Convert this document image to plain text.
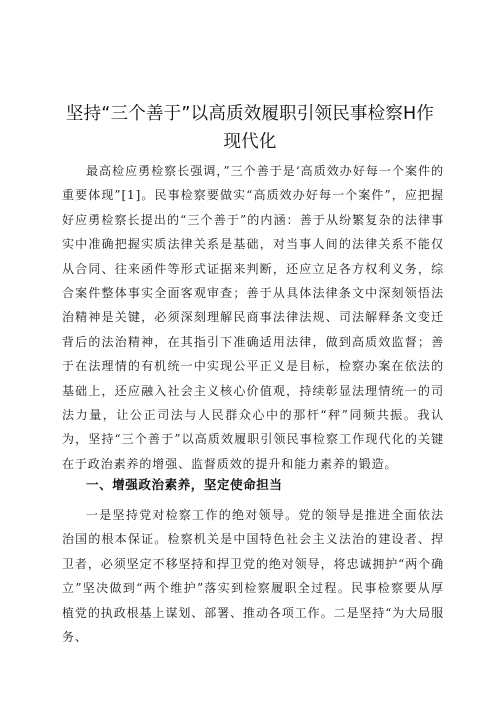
坚持“三个善于”以高质效履职引领民事检察H作现代化

最高检应勇检察长强调，”三个善于是‘高质效办好每一个案件的重要体现”[1]。民事检察要做实“高质效办好每一个案件”，应把握好应勇检察长提出的“三个善于”的内涵：善于从纷繁复杂的法律事实中准确把握实质法律关系是基础，对当事人间的法律关系不能仅从合同、往来函件等形式证据来判断，还应立足各方权利义务，综合案件整体事实全面客观审查；善于从具体法律条文中深刻领悟法治精神是关键，必须深刻理解民商事法律法规、司法解释条文变迁背后的法治精神，在其指引下准确适用法律，做到高质效监督；善于在法理情的有机统一中实现公平正义是目标，检察办案在依法的基础上，还应融入社会主义核心价值观，持续彰显法理情统一的司法力量，让公正司法与人民群众心中的那杆“秤”同频共振。我认为，坚持“三个善于”以高质效履职引领民事检察工作现代化的关键在于政治素养的增强、监督质效的提升和能力素养的锻造。

一、增强政治素养，坚定使命担当

一是坚持党对检察工作的绝对领导。党的领导是推进全面依法治国的根本保证。检察机关是中国特色社会主义法治的建设者、捍卫者，必须坚定不移坚持和捍卫党的绝对领导，将忠诚拥护“两个确立”坚决做到“两个维护”落实到检察履职全过程。民事检察要从厚植党的执政根基上谋划、部署、推动各项工作。二是坚持“为大局服务、
